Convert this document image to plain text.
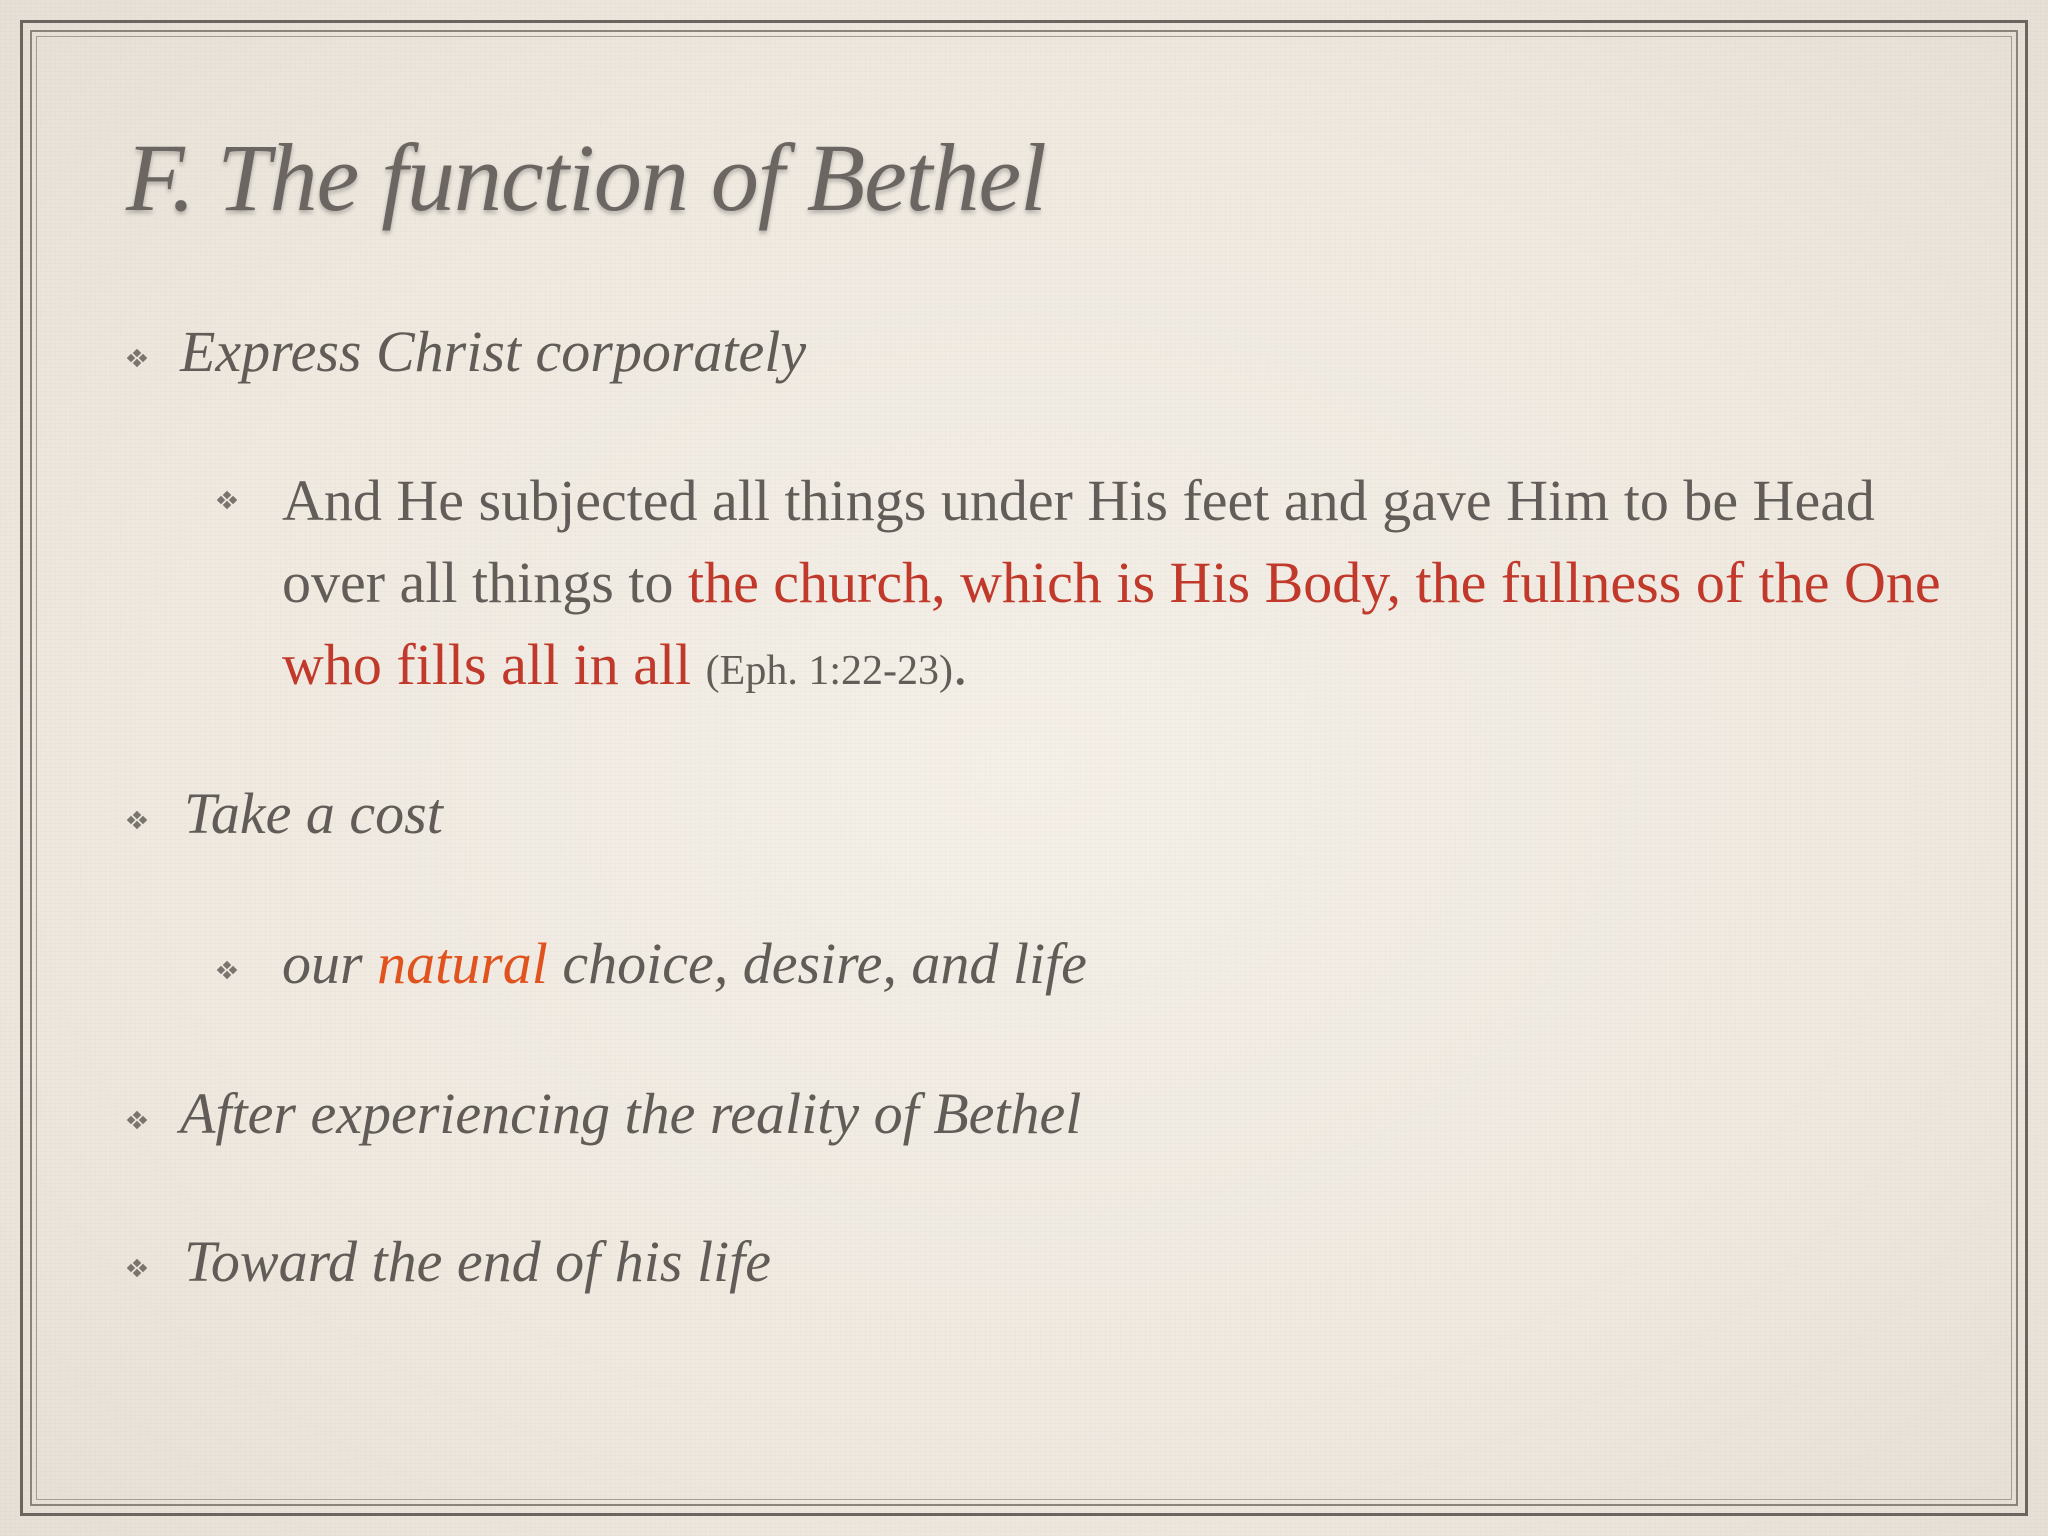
F. The function of Bethel
Express Christ corporately
And He subjected all things under His feet and gave Him to be Head over all things to the church, which is His Body, the fullness of the One who fills all in all (Eph. 1:22-23).
Take a cost
our natural choice, desire, and life
After experiencing the reality of Bethel
Toward the end of his life
